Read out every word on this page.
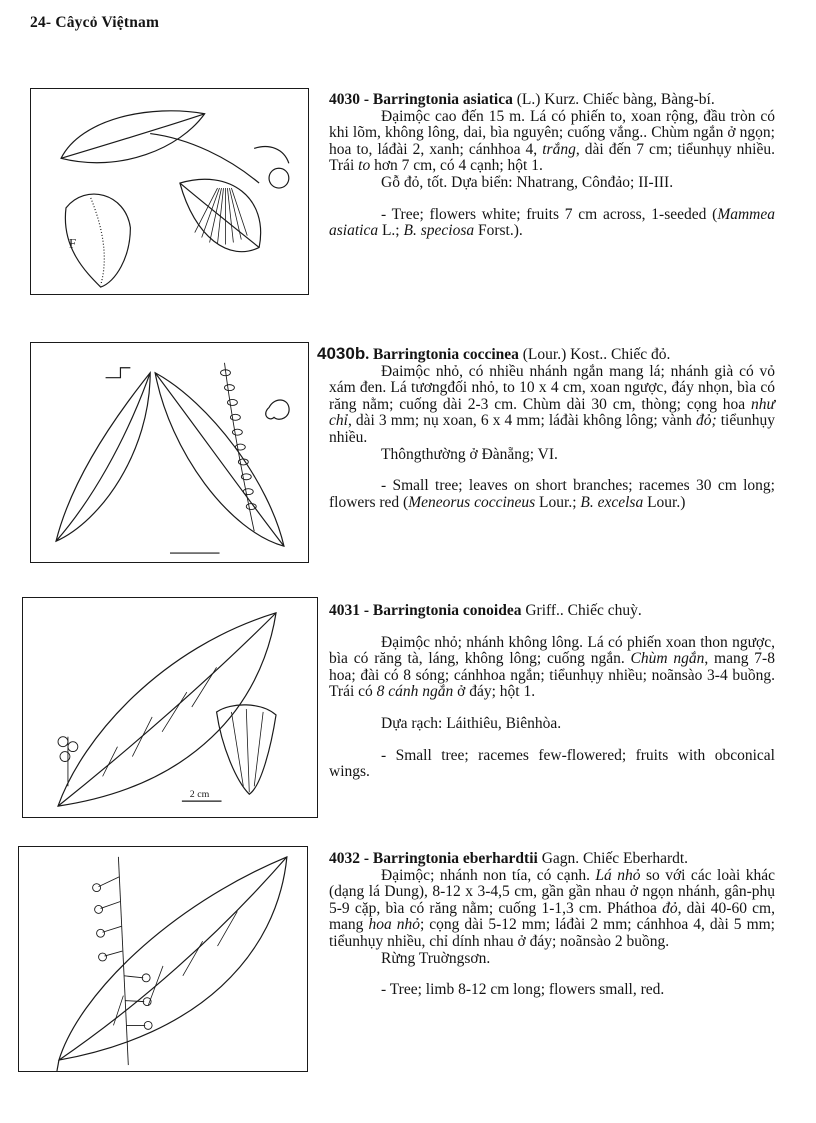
24- Câycỏ Việtnam
F

4030 - Barringtonia asiatica (L.) Kurz. Chiếc bàng, Bàng-bí.

Đạimộc cao đến 15 m. Lá có phiến to, xoan rộng, đầu tròn có khi lõm, không lông, dai, bìa nguyên; cuống vắng.. Chùm ngắn ở ngọn; hoa to, láđài 2, xanh; cánhhoa 4, trắng, dài đến 7 cm; tiểunhụy nhiều. Trái to hơn 7 cm, có 4 cạnh; hột 1.

Gỗ đỏ, tốt. Dựa biển: Nhatrang, Cônđảo; II-III.

- Tree; flowers white; fruits 7 cm across, 1-seeded (Mammea asiatica L.; B. speciosa Forst.).

4030b. Barringtonia coccinea (Lour.) Kost.. Chiếc đỏ.

Đaimộc nhỏ, có nhiều nhánh ngắn mang lá; nhánh già có vỏ xám đen. Lá tươngđối nhỏ, to 10 x 4 cm, xoan ngược, đáy nhọn, bìa có răng nằm; cuống dài 2-3 cm. Chùm dài 30 cm, thòng; cọng hoa như chỉ, dài 3 mm; nụ xoan, 6 x 4 mm; láđài không lông; vành đỏ; tiểunhụy nhiều.

Thôngthường ở Đànẵng; VI.

- Small tree; leaves on short branches; racemes 30 cm long; flowers red (Meneorus coccineus Lour.; B. excelsa Lour.)

2 cm

4031 - Barringtonia conoidea Griff.. Chiếc chuỳ.

Đạimộc nhỏ; nhánh không lông. Lá có phiến xoan thon ngược, bìa có răng tà, láng, không lông; cuống ngắn. Chùm ngắn, mang 7-8 hoa; đài có 8 sóng; cánhhoa ngắn; tiểunhụy nhiều; noãnsào 3-4 buồng. Trái có 8 cánh ngắn ở đáy; hột 1.

Dựa rạch: Láithiêu, Biênhòa.

- Small tree; racemes few-flowered; fruits with obconical wings.

4032 - Barringtonia eberhardtii Gagn. Chiếc Eberhardt.

Đạimộc; nhánh non tía, có cạnh. Lá nhỏ so với các loài khác (dạng lá Dung), 8-12 x 3-4,5 cm, gần gần nhau ở ngọn nhánh, gân-phụ 5-9 cặp, bìa có răng nằm; cuống 1-1,3 cm. Pháthoa đỏ, dài 40-60 cm, mang hoa nhỏ; cọng dài 5-12 mm; láđài 2 mm; cánhhoa 4, dài 5 mm; tiểunhụy nhiều, chỉ dính nhau ở đáy; noãnsào 2 buồng.

Rừng Truờngsơn.

- Tree; limb 8-12 cm long; flowers small, red.
